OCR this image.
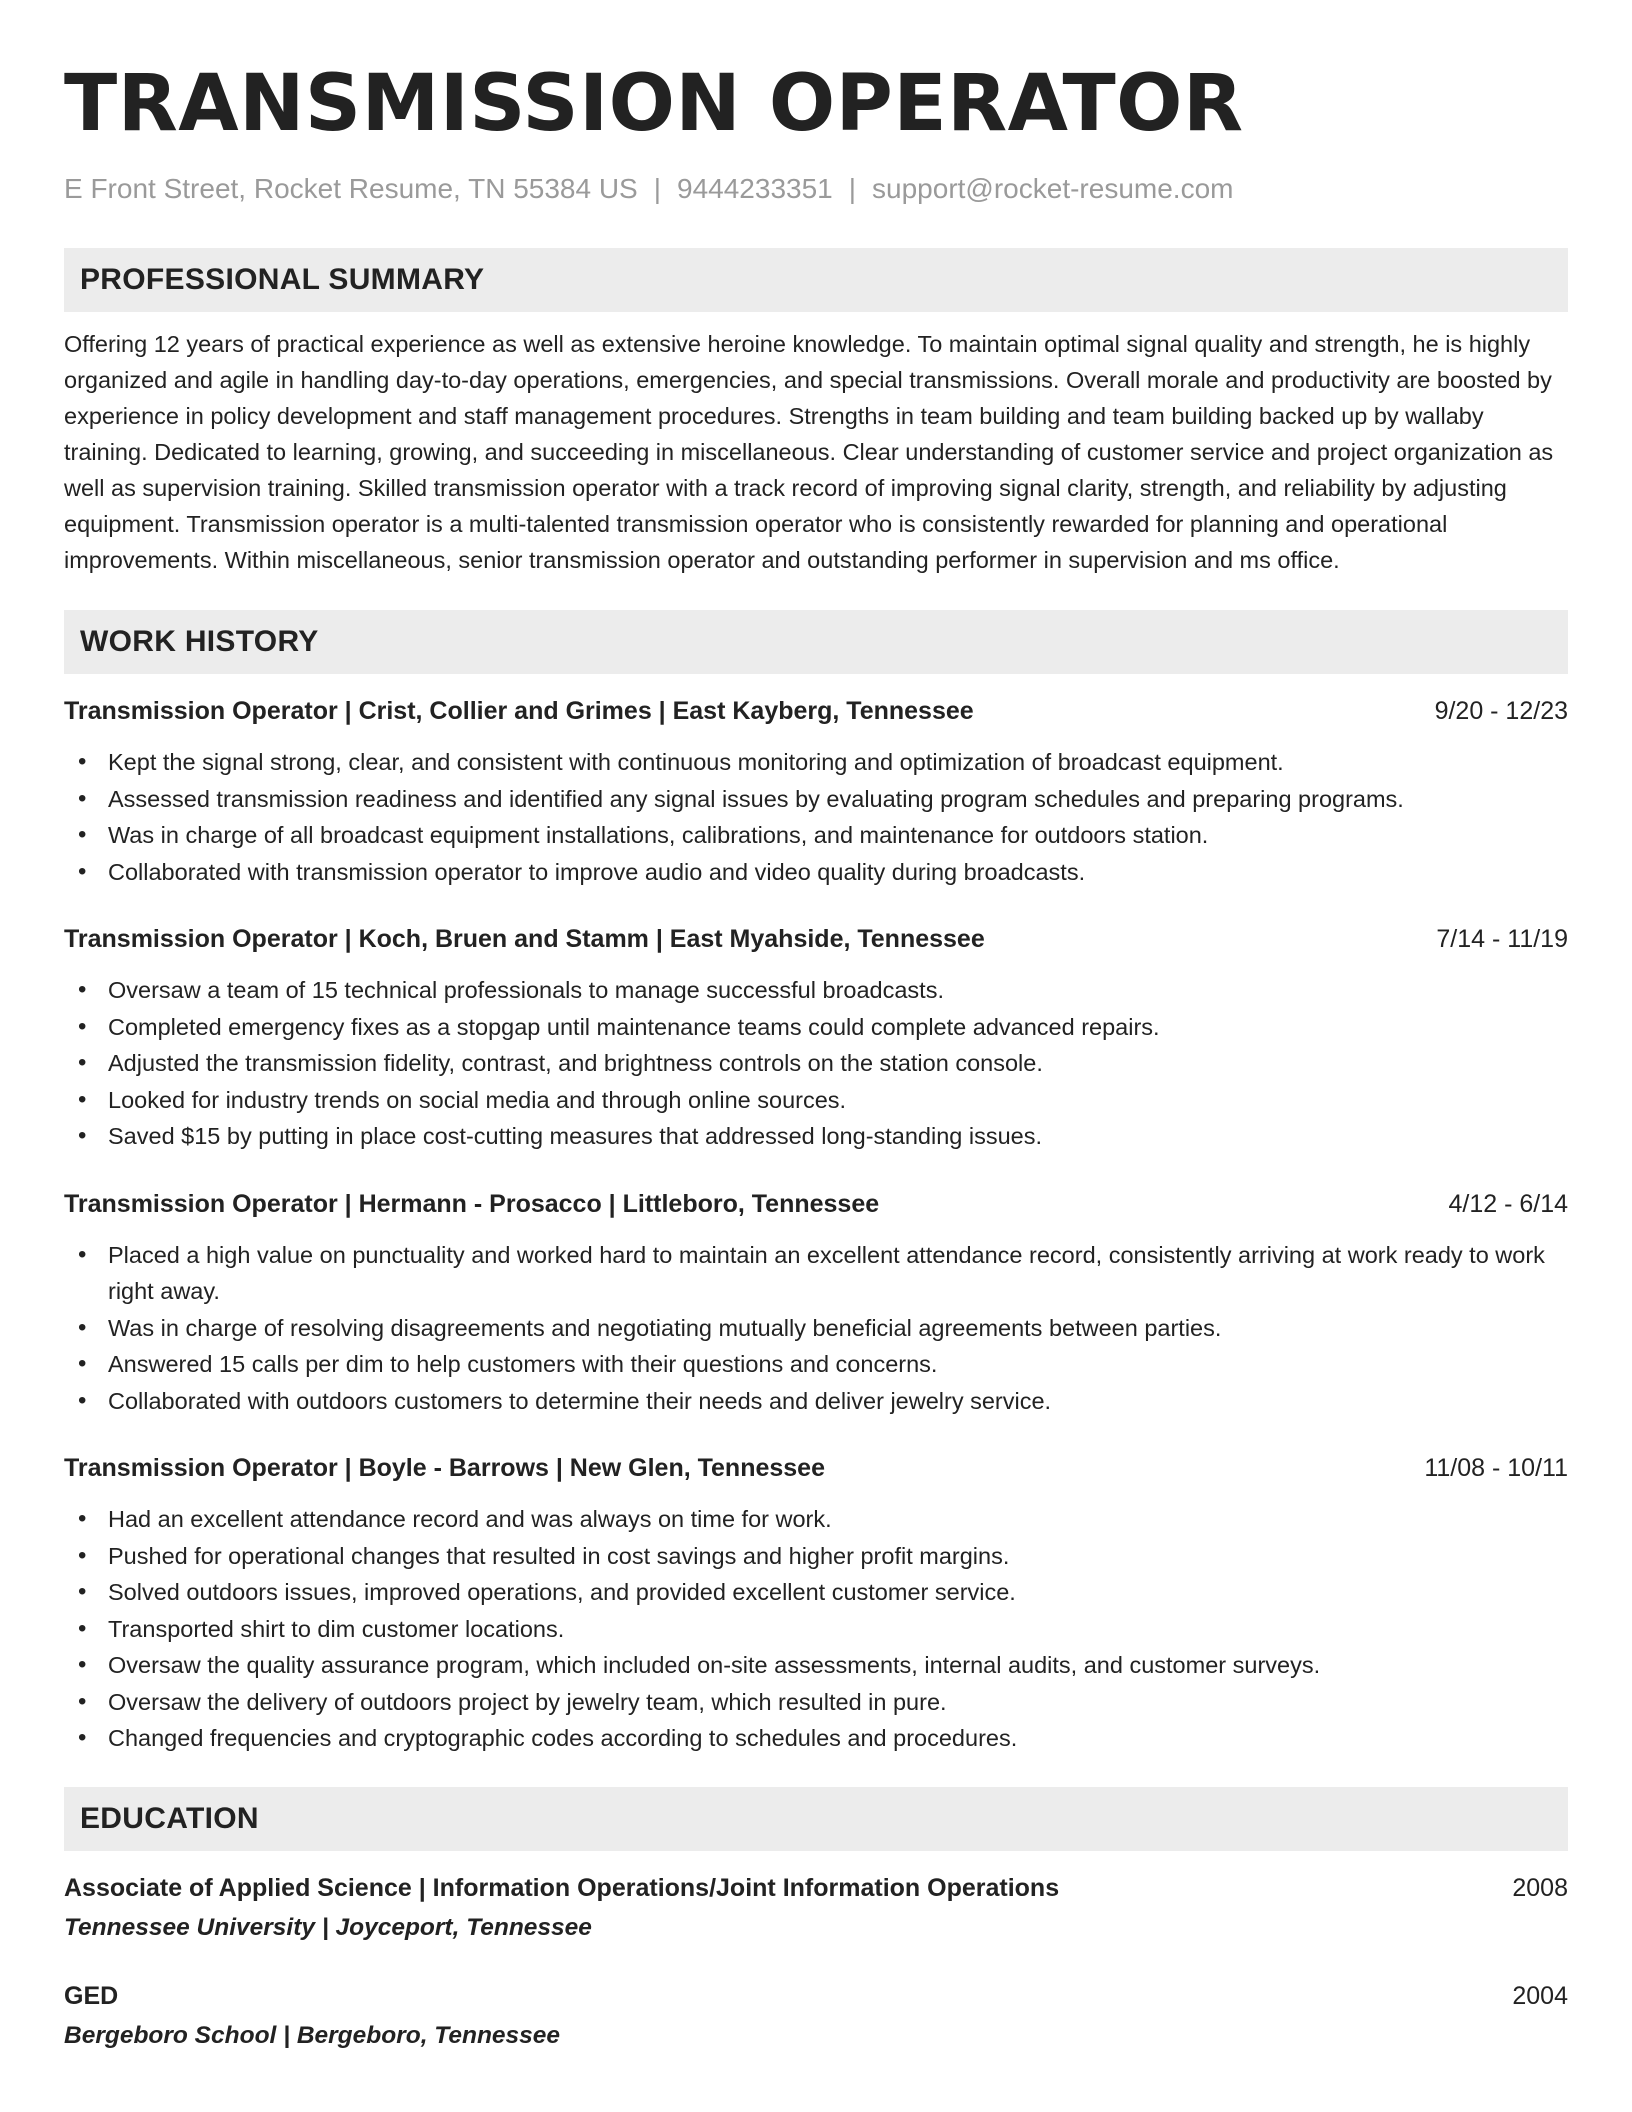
TRANSMISSION OPERATOR
E Front Street, Rocket Resume, TN 55384 US | 9444233351 | support@rocket-resume.com
PROFESSIONAL SUMMARY

Offering 12 years of practical experience as well as extensive heroine knowledge. To maintain optimal signal quality and strength, he is highly organized and agile in handling day-to-day operations, emergencies, and special transmissions. Overall morale and productivity are boosted by experience in policy development and staff management procedures. Strengths in team building and team building backed up by wallaby training. Dedicated to learning, growing, and succeeding in miscellaneous. Clear understanding of customer service and project organization as well as supervision training. Skilled transmission operator with a track record of improving signal clarity, strength, and reliability by adjusting equipment. Transmission operator is a multi-talented transmission operator who is consistently rewarded for planning and operational improvements. Within miscellaneous, senior transmission operator and outstanding performer in supervision and ms office.

WORK HISTORY
Transmission Operator | Crist, Collier and Grimes | East Kayberg, Tennessee	9/20 - 12/23
• Kept the signal strong, clear, and consistent with continuous monitoring and optimization of broadcast equipment.
• Assessed transmission readiness and identified any signal issues by evaluating program schedules and preparing programs.
• Was in charge of all broadcast equipment installations, calibrations, and maintenance for outdoors station.
• Collaborated with transmission operator to improve audio and video quality during broadcasts.
Transmission Operator | Koch, Bruen and Stamm | East Myahside, Tennessee	7/14 - 11/19
• Oversaw a team of 15 technical professionals to manage successful broadcasts.
• Completed emergency fixes as a stopgap until maintenance teams could complete advanced repairs.
• Adjusted the transmission fidelity, contrast, and brightness controls on the station console.
• Looked for industry trends on social media and through online sources.
• Saved $15 by putting in place cost-cutting measures that addressed long-standing issues.
Transmission Operator | Hermann - Prosacco | Littleboro, Tennessee	4/12 - 6/14
• Placed a high value on punctuality and worked hard to maintain an excellent attendance record, consistently arriving at work ready to work right away.
• Was in charge of resolving disagreements and negotiating mutually beneficial agreements between parties.
• Answered 15 calls per dim to help customers with their questions and concerns.
• Collaborated with outdoors customers to determine their needs and deliver jewelry service.
Transmission Operator | Boyle - Barrows | New Glen, Tennessee	11/08 - 10/11
• Had an excellent attendance record and was always on time for work.
• Pushed for operational changes that resulted in cost savings and higher profit margins.
• Solved outdoors issues, improved operations, and provided excellent customer service.
• Transported shirt to dim customer locations.
• Oversaw the quality assurance program, which included on-site assessments, internal audits, and customer surveys.
• Oversaw the delivery of outdoors project by jewelry team, which resulted in pure.
• Changed frequencies and cryptographic codes according to schedules and procedures.
EDUCATION
Associate of Applied Science | Information Operations/Joint Information Operations	2008
Tennessee University | Joyceport, Tennessee
GED	2004
Bergeboro School | Bergeboro, Tennessee
